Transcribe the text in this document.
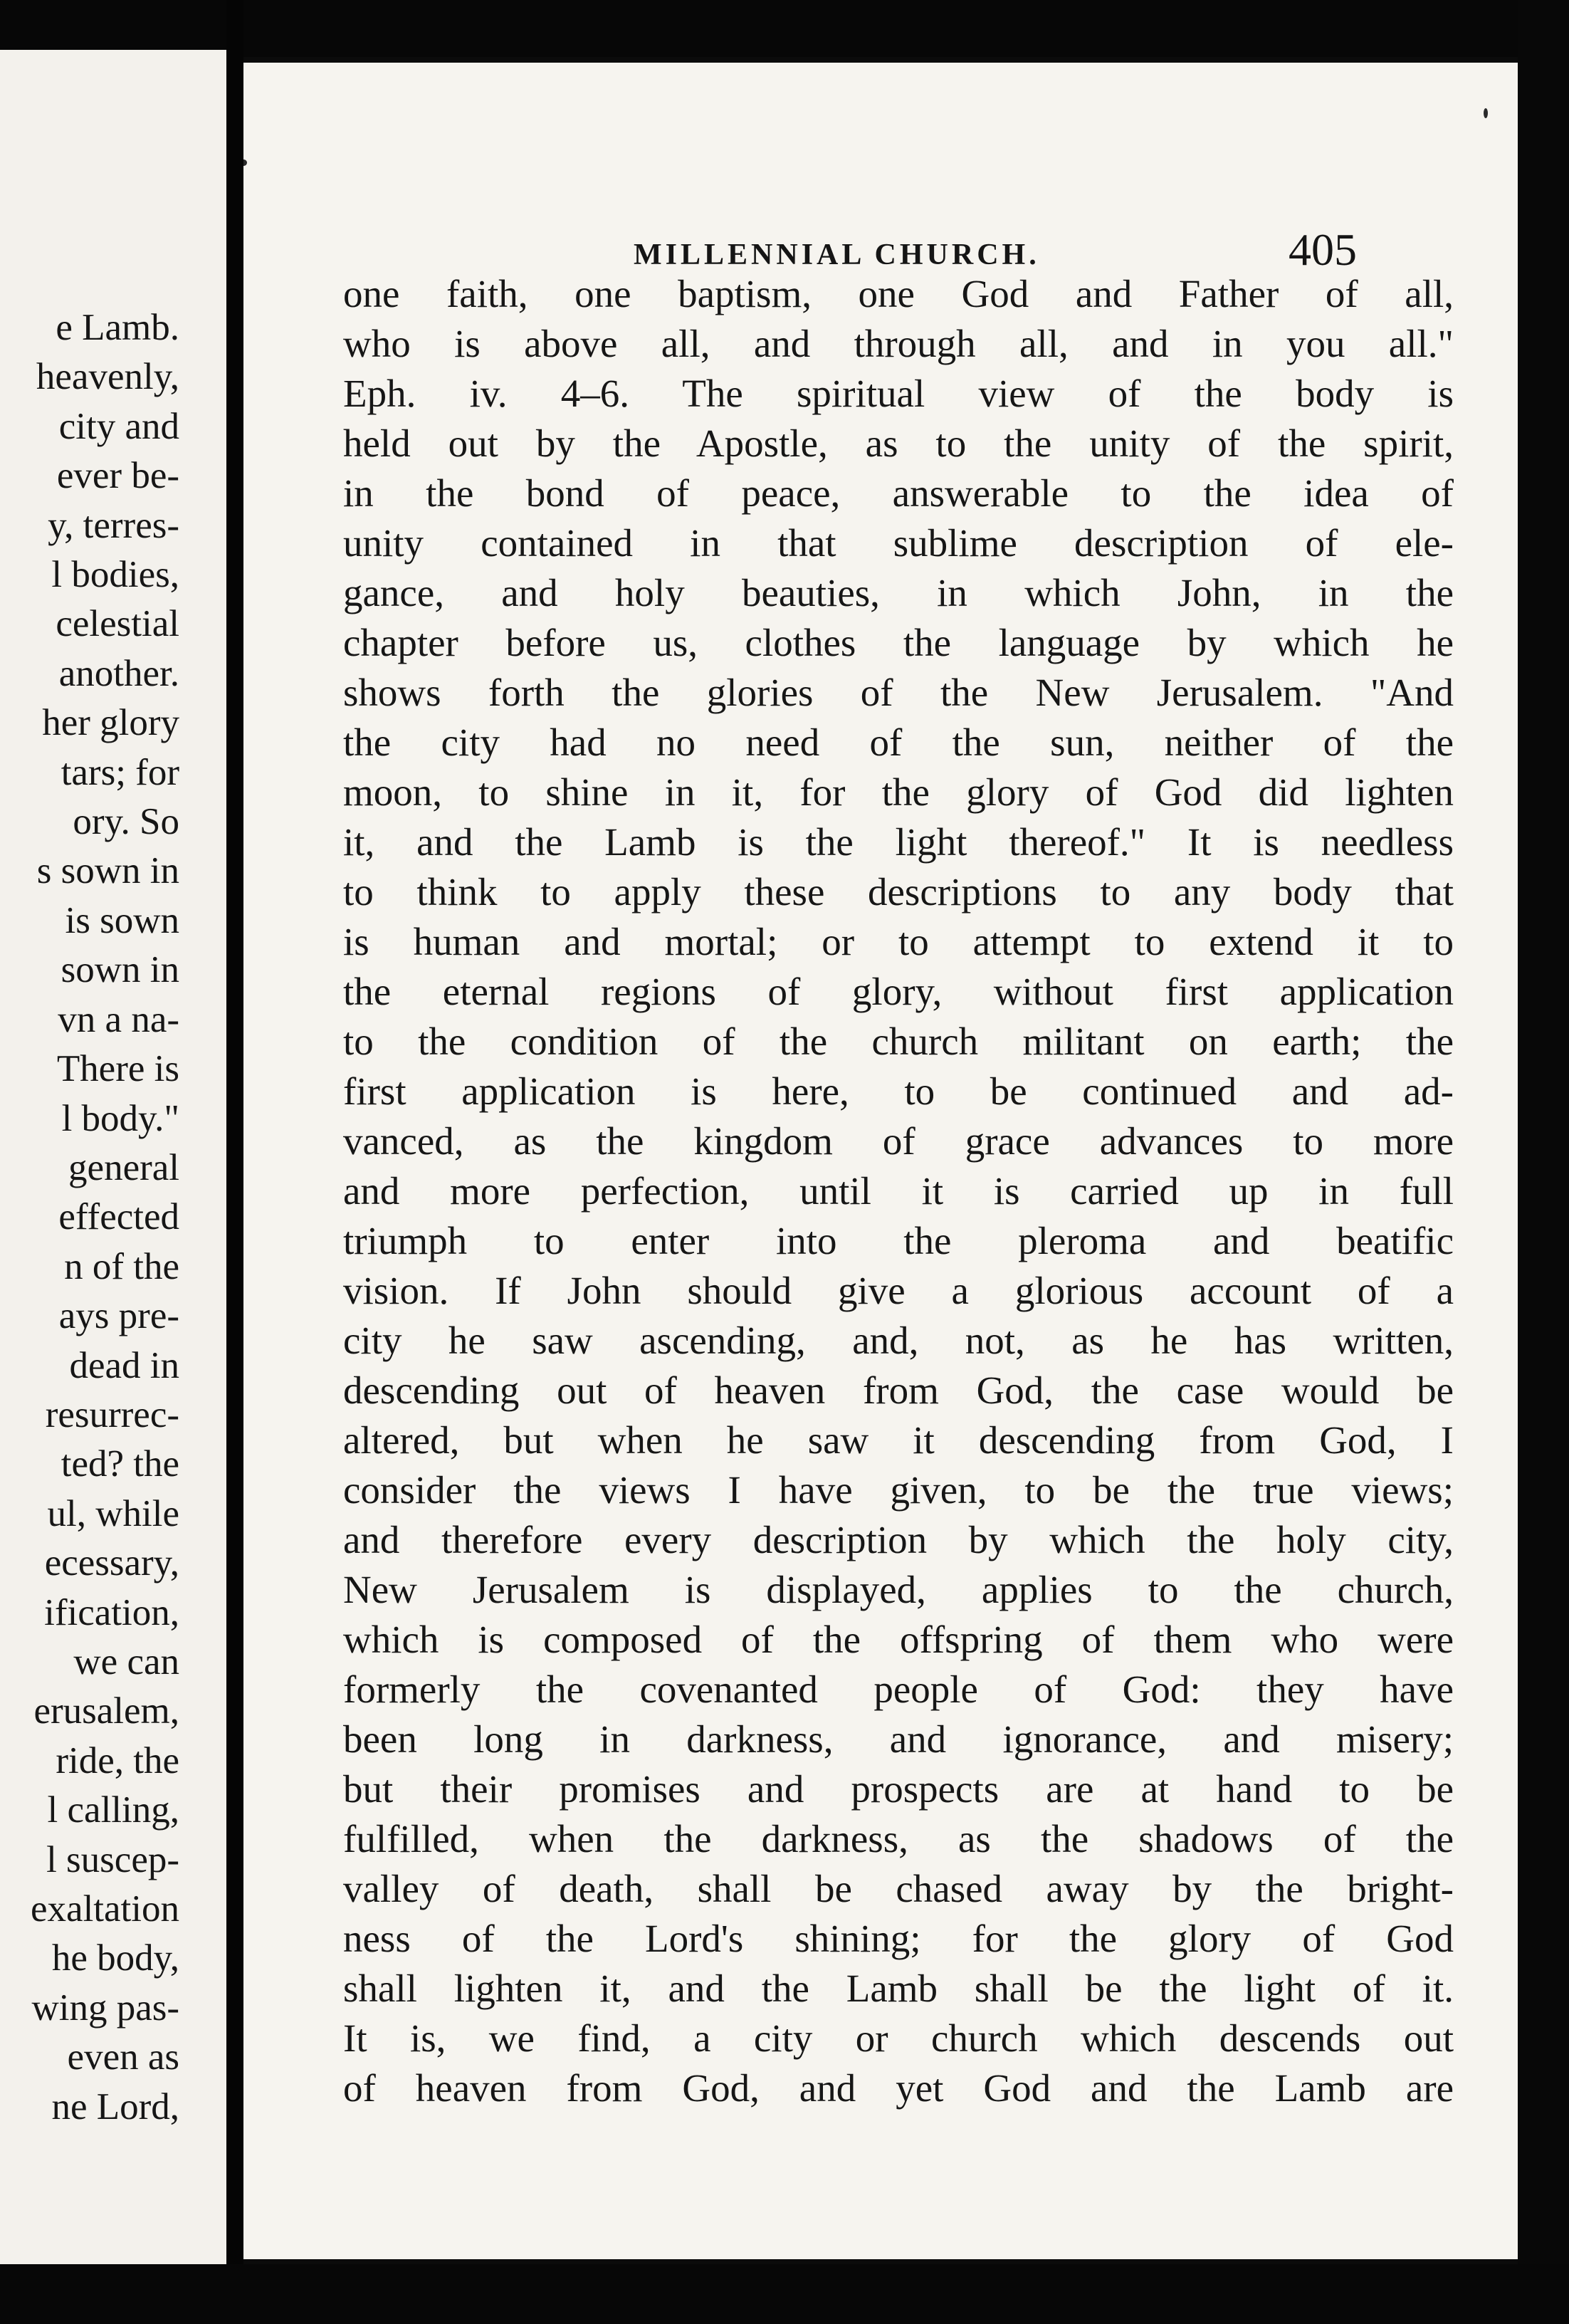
e Lamb.
heavenly,
city and
ever be-
y, terres-
l bodies,
celestial
another.
her glory
tars; for
ory. So
s sown in
is sown
sown in
vn a na-
There is
l body."
general
effected
n of the
ays pre-
dead in
resurrec-
ted? the
ul, while
ecessary,
ification,
we can
erusalem,
ride, the
l calling,
l suscep-
exaltation
he body,
wing pas-
even as
ne Lord,
MILLENNIAL CHURCH.	405
one faith, one baptism, one God and Father of all,
who is above all, and through all, and in you all."
Eph. iv. 4–6. The spiritual view of the body is
held out by the Apostle, as to the unity of the spirit,
in the bond of peace, answerable to the idea of
unity contained in that sublime description of ele-
gance, and holy beauties, in which John, in the
chapter before us, clothes the language by which he
shows forth the glories of the New Jerusalem. "And
the city had no need of the sun, neither of the
moon, to shine in it, for the glory of God did lighten
it, and the Lamb is the light thereof." It is needless
to think to apply these descriptions to any body that
is human and mortal; or to attempt to extend it to
the eternal regions of glory, without first application
to the condition of the church militant on earth; the
first application is here, to be continued and ad-
vanced, as the kingdom of grace advances to more
and more perfection, until it is carried up in full
triumph to enter into the pleroma and beatific
vision. If John should give a glorious account of a
city he saw ascending, and, not, as he has written,
descending out of heaven from God, the case would be
altered, but when he saw it descending from God, I
consider the views I have given, to be the true views;
and therefore every description by which the holy city,
New Jerusalem is displayed, applies to the church,
which is composed of the offspring of them who were
formerly the covenanted people of God: they have
been long in darkness, and ignorance, and misery;
but their promises and prospects are at hand to be
fulfilled, when the darkness, as the shadows of the
valley of death, shall be chased away by the bright-
ness of the Lord's shining; for the glory of God
shall lighten it, and the Lamb shall be the light of it.
It is, we find, a city or church which descends out
of heaven from God, and yet God and the Lamb are
